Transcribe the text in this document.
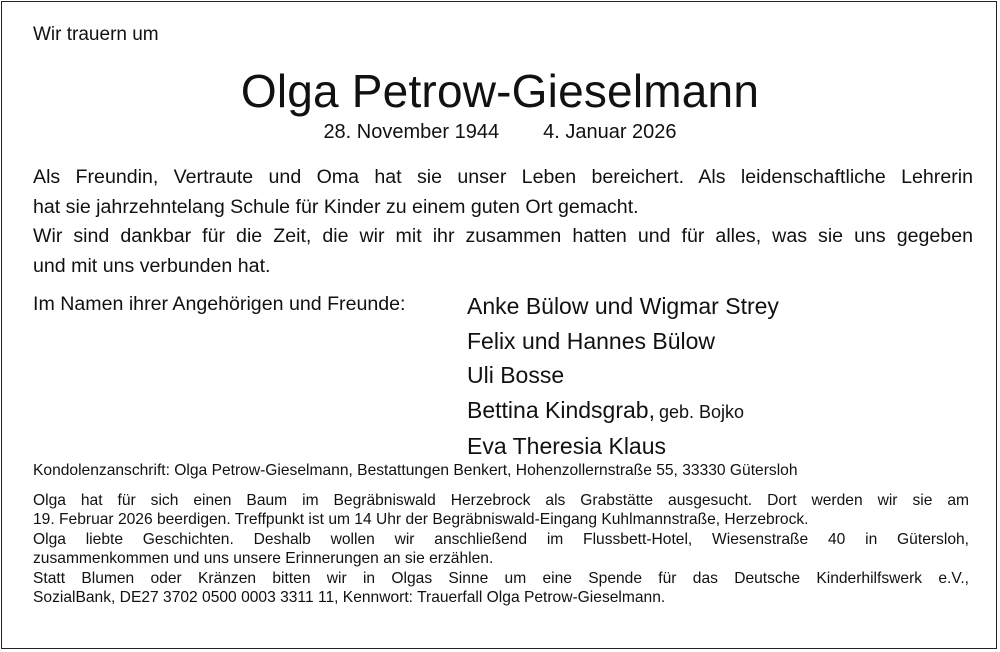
Wir trauern um
Olga Petrow-Gieselmann
28. November 1944 4. Januar 2026

Als Freundin, Vertraute und Oma hat sie unser Leben bereichert. Als leidenschaftliche Lehrerin
hat sie jahrzehntelang Schule für Kinder zu einem guten Ort gemacht.
Wir sind dankbar für die Zeit, die wir mit ihr zusammen hatten und für alles, was sie uns gegeben
und mit uns verbunden hat.

Im Namen ihrer Angehörigen und Freunde:	Anke Bülow und Wigmar Strey
Felix und Hannes Bülow
Uli Bosse
Bettina Kindsgrab, geb. Bojko
Eva Theresia Klaus
Kondolenzanschrift: Olga Petrow-Gieselmann, Bestattungen Benkert, Hohenzollernstraße 55, 33330 Gütersloh

Olga hat für sich einen Baum im Begräbniswald Herzebrock als Grabstätte ausgesucht. Dort werden wir sie am
19. Februar 2026 beerdigen. Treffpunkt ist um 14 Uhr der Begräbniswald-Eingang Kuhlmannstraße, Herzebrock.
Olga liebte Geschichten. Deshalb wollen wir anschließend im Flussbett-Hotel, Wiesenstraße 40 in Gütersloh,
zusammenkommen und uns unsere Erinnerungen an sie erzählen.
Statt Blumen oder Kränzen bitten wir in Olgas Sinne um eine Spende für das Deutsche Kinderhilfswerk e.V.,
SozialBank, DE27 3702 0500 0003 3311 11, Kennwort: Trauerfall Olga Petrow-Gieselmann.
